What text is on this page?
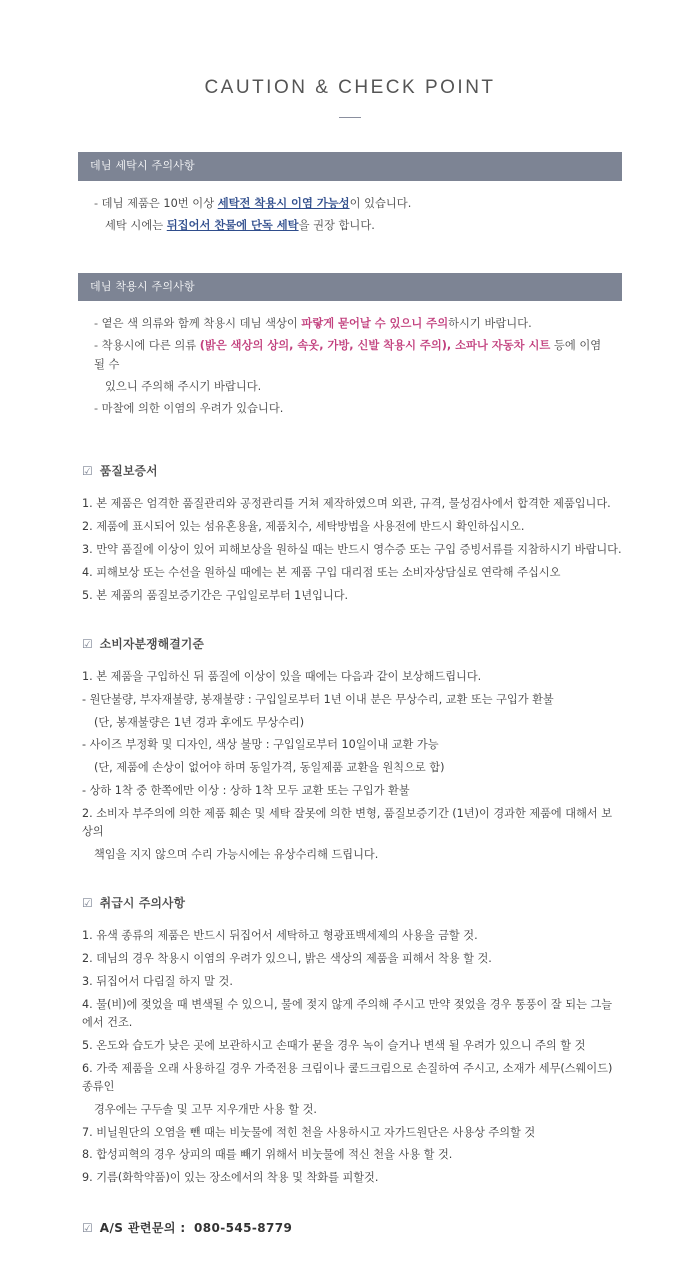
CAUTION & CHECK POINT
데님 세탁시 주의사항

- 데님 제품은 10번 이상 세탁전 착용시 이염 가능성이 있습니다.

세탁 시에는 뒤집어서 찬물에 단독 세탁을 권장 합니다.

데님 착용시 주의사항

- 옅은 색 의류와 함께 착용시 데님 색상이 파랗게 묻어날 수 있으니 주의하시기 바랍니다.

- 착용시에 다른 의류 (밝은 색상의 상의, 속옷, 가방, 신발 착용시 주의), 소파나 자동차 시트 등에 이염 될 수

있으니 주의해 주시기 바랍니다.

- 마찰에 의한 이염의 우려가 있습니다.

☑ 품질보증서

1. 본 제품은 엄격한 품질관리와 공정관리를 거쳐 제작하였으며 외관, 규격, 물성검사에서 합격한 제품입니다.

2. 제품에 표시되어 있는 섬유혼용율, 제품치수, 세탁방법을 사용전에 반드시 확인하십시오.

3. 만약 품질에 이상이 있어 피해보상을 원하실 때는 반드시 영수증 또는 구입 증빙서류를 지참하시기 바랍니다.

4. 피해보상 또는 수선을 원하실 때에는 본 제품 구입 대리점 또는 소비자상담실로 연락해 주십시오

5. 본 제품의 품질보증기간은 구입일로부터 1년입니다.

☑ 소비자분쟁해결기준

1. 본 제품을 구입하신 뒤 품질에 이상이 있을 때에는 다음과 같이 보상해드립니다.

- 원단불량, 부자재불량, 봉재불량 : 구입일로부터 1년 이내 분은 무상수리, 교환 또는 구입가 환불

(단, 봉재불량은 1년 경과 후에도 무상수리)

- 사이즈 부정확 및 디자인, 색상 불망 : 구입일로부터 10일이내 교환 가능

(단, 제품에 손상이 없어야 하며 동일가격, 동일제품 교환을 원칙으로 합)

- 상하 1착 중 한쪽에만 이상 : 상하 1착 모두 교환 또는 구입가 환불

2. 소비자 부주의에 의한 제품 훼손 및 세탁 잘못에 의한 변형, 품질보증기간 (1년)이 경과한 제품에 대해서 보상의

책임을 지지 않으며 수리 가능시에는 유상수리해 드립니다.

☑ 취급시 주의사항

1. 유색 종류의 제품은 반드시 뒤집어서 세탁하고 형광표백세제의 사용을 금할 것.

2. 데님의 경우 착용시 이염의 우려가 있으니, 밝은 색상의 제품을 피해서 착용 할 것.

3. 뒤집어서 다림질 하지 말 것.

4. 물(비)에 젖었을 때 변색될 수 있으니, 물에 젖지 않게 주의해 주시고 만약 젖었을 경우 통풍이 잘 되는 그늘에서 건조.

5. 온도와 습도가 낮은 곳에 보관하시고 손때가 묻을 경우 녹이 슬거나 변색 될 우려가 있으니 주의 할 것

6. 가죽 제품을 오래 사용하길 경우 가죽전용 크림이나 쿨드크림으로 손질하여 주시고, 소재가 세무(스웨이드) 종류인

경우에는 구두솔 및 고무 지우개만 사용 할 것.

7. 비닐원단의 오염을 뺀 때는 비눗물에 적힌 천을 사용하시고 자가드원단은 사용상 주의할 것

8. 합성피혁의 경우 상피의 때를 빼기 위해서 비눗물에 적신 천을 사용 할 것.

9. 기름(화학약품)이 있는 장소에서의 착용 및 착화를 피할것.

☑ A/S 관련문의 : 080-545-8779
